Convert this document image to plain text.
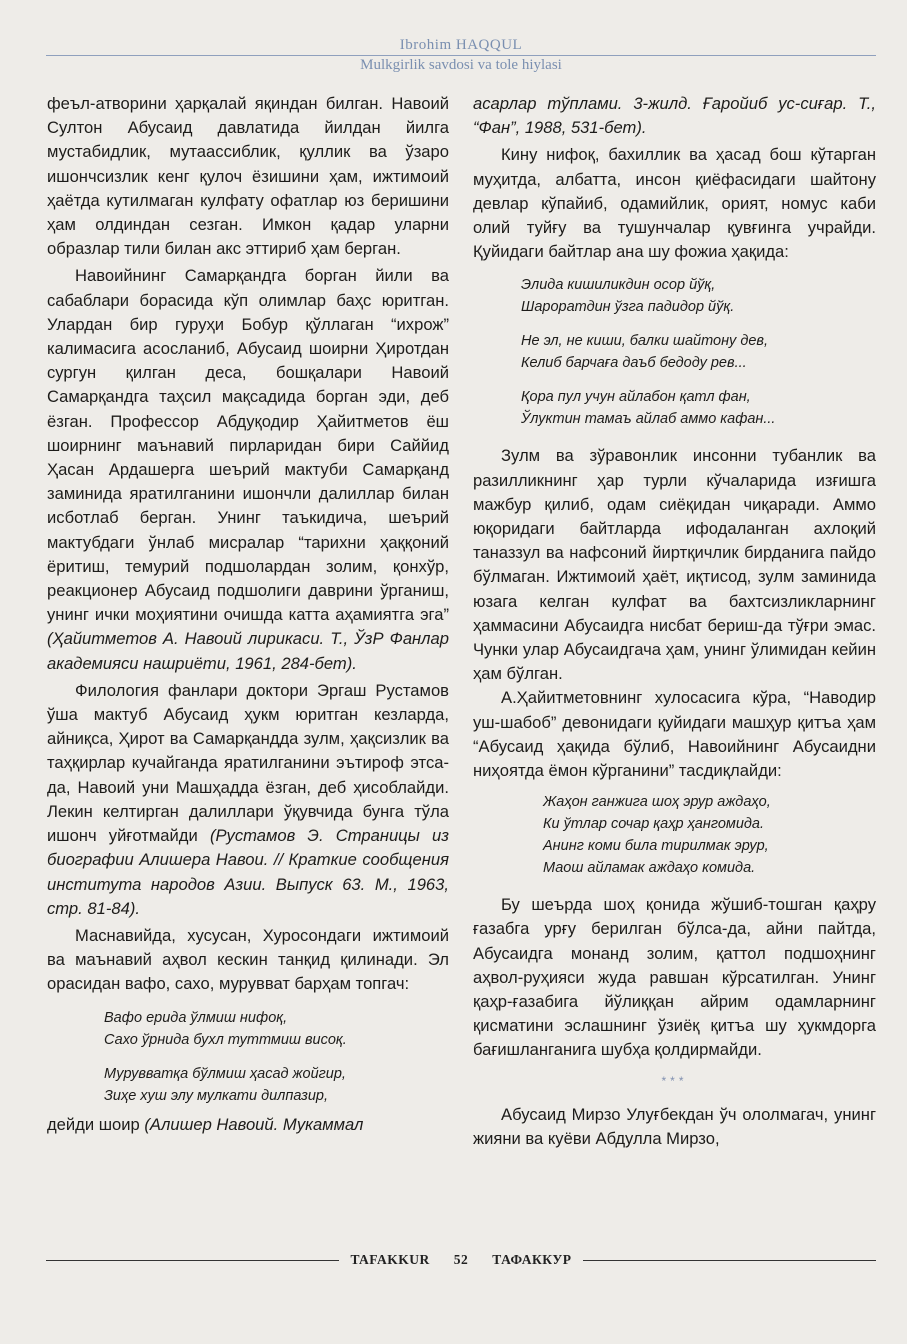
Ibrohim HAQQUL
Mulkgirlik savdosi va tole hiylasi

феъл-атворини ҳарқалай яқиндан билган. Навоий Султон Абусаид давлатида йилдан йилга мустабидлик, мутаассиблик, қуллик ва ўзаро ишончсизлик кенг қулоч ёзишини ҳам, ижтимоий ҳаётда кутилмаган кулфату офатлар юз беришини ҳам олдиндан сезган. Имкон қадар уларни образлар тили билан акс эттириб ҳам берган.

Навоийнинг Самарқандга борган йили ва сабаблари борасида кўп олимлар баҳс юритган. Улардан бир гуруҳи Бобур қўллаган “ихрож” калимасига асосланиб, Абусаид шоирни Ҳиротдан сургун қилган деса, бошқалари Навоий Самарқандга таҳсил мақсадида борган эди, деб ёзган. Профессор Абдуқодир Ҳайитметов ёш шоирнинг маънавий пирларидан бири Саййид Ҳасан Ардашерга шеърий мактуби Самарқанд заминида яратилганини ишончли далиллар билан исботлаб берган. Унинг таъкидича, шеърий мактубдаги ўнлаб мисралар “тарихни ҳаққоний ёритиш, темурий подшолардан золим, қонхўр, реакционер Абусаид подшолиги даврини ўрганиш, унинг ички моҳиятини очишда катта аҳамиятга эга” (Ҳайитметов А. Навоий лирикаси. Т., ЎзР Фанлар академияси нашриёти, 1961, 284-бет).

Филология фанлари доктори Эргаш Рустамов ўша мактуб Абусаид ҳукм юритган кезларда, айниқса, Ҳирот ва Самарқандда зулм, ҳақсизлик ва таҳқирлар кучайганда яратилганини эътироф этса-да, Навоий уни Машҳадда ёзган, деб ҳисоблайди. Лекин келтирган далиллари ўқувчида бунга тўла ишонч уйғотмайди (Рустамов Э. Страницы из биографии Алишера Навои. // Краткие сообщения института народов Азии. Выпуск 63. М., 1963, стр. 81-84).

Маснавийда, хусусан, Хуросондаги ижтимоий ва маънавий аҳвол кескин танқид қилинади. Эл орасидан вафо, сахо, мурувват барҳам топгач:

Вафо ерида ўлмиш нифоқ,

Сахо ўрнида бухл туттмиш висоқ.

Мурувватқа бўлмиш ҳасад жойгир,

Зиҳе хуш элу мулкати дилпазир,

дейди шоир (Алишер Навоий. Мукаммал

асарлар тўплами. 3-жилд. Ғаройиб ус-сиғар. Т., “Фан”, 1988, 531-бет).

Кину нифоқ, бахиллик ва ҳасад бош кўтарган муҳитда, албатта, инсон қиёфасидаги шайтону девлар кўпайиб, одамийлик, орият, номус каби олий туйғу ва тушунчалар қувғинга учрайди. Қуйидаги байтлар ана шу фожиа ҳақида:

Элида кишиликдин осор йўқ,

Шароратдин ўзга падидор йўқ.

Не эл, не киши, балки шайтону дев,

Келиб барчаға даъб бедоду рев...

Қора пул учун айлабон қатл фан,

Ўлуктин тамаъ айлаб аммо кафан...

Зулм ва зўравонлик инсонни тубанлик ва разилликнинг ҳар турли кўчаларида изғишга мажбур қилиб, одам сиёқидан чиқаради. Аммо юқоридаги байтларда ифодаланган ахлоқий таназзул ва нафсоний йиртқичлик бирданига пайдо бўлмаган. Ижтимоий ҳаёт, иқтисод, зулм заминида юзага келган кулфат ва бахтсизликларнинг ҳаммасини Абусаидга нисбат бериш-да тўғри эмас. Чунки улар Абусаидгача ҳам, унинг ўлимидан кейин ҳам бўлган.

А.Ҳайитметовнинг хулосасига кўра, “Наводир уш-шабоб” девонидаги қуйидаги машҳур қитъа ҳам “Абусаид ҳақида бўлиб, Навоийнинг Абусаидни ниҳоятда ёмон кўрганини” тасдиқлайди:

Жаҳон ганжига шоҳ эрур аждаҳо,

Ки ўтлар сочар қаҳр ҳангомида.

Анинг коми била тирилмак эрур,

Маош айламак аждаҳо комида.

Бу шеърда шоҳ қонида жўшиб-тошган қаҳру ғазабга урғу берилган бўлса-да, айни пайтда, Абусаидга монанд золим, қаттол подшоҳнинг аҳвол-руҳияси жуда равшан кўрсатилган. Унинг қаҳр-ғазабига йўлиққан айрим одамларнинг қисматини эслашнинг ўзиёқ қитъа шу ҳукмдорга бағишланганига шубҳа қолдирмайди.

***

Абусаид Мирзо Улуғбекдан ўч ололмагач, унинг жияни ва куёви Абдулла Мирзо,

TAFAKKUR	52	ТАФАККУР
